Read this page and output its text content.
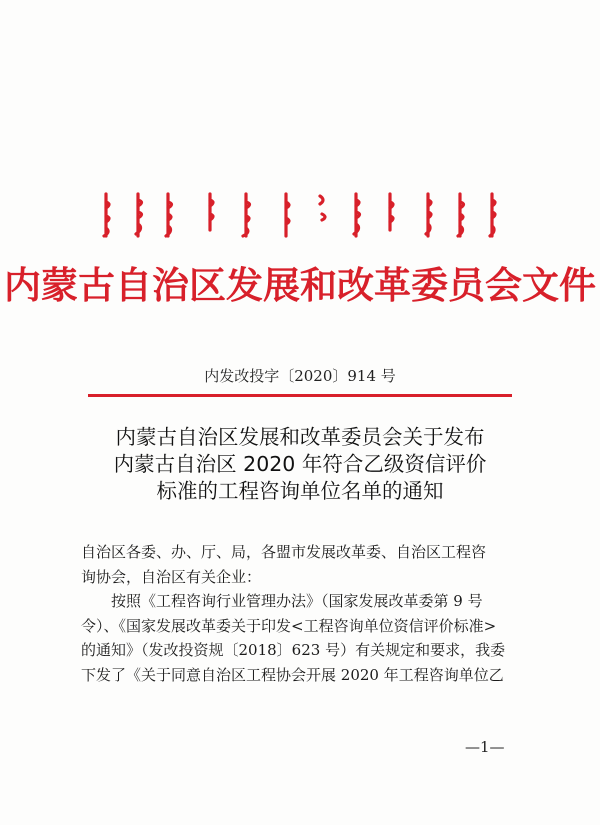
内蒙古自治区发展和改革委员会文件
内发改投字〔2020〕914 号
内蒙古自治区发展和改革委员会关于发布
内蒙古自治区 2020 年符合乙级资信评价
标准的工程咨询单位名单的通知
自治区各委、办、厅、局，各盟市发展改革委、自治区工程咨
询协会，自治区有关企业：
按照《工程咨询行业管理办法》（国家发展改革委第 9 号
令）、《国家发展改革委关于印发<工程咨询单位资信评价标准>
的通知》（发改投资规〔2018〕623 号）有关规定和要求，我委
下发了《关于同意自治区工程协会开展 2020 年工程咨询单位乙
—1—
